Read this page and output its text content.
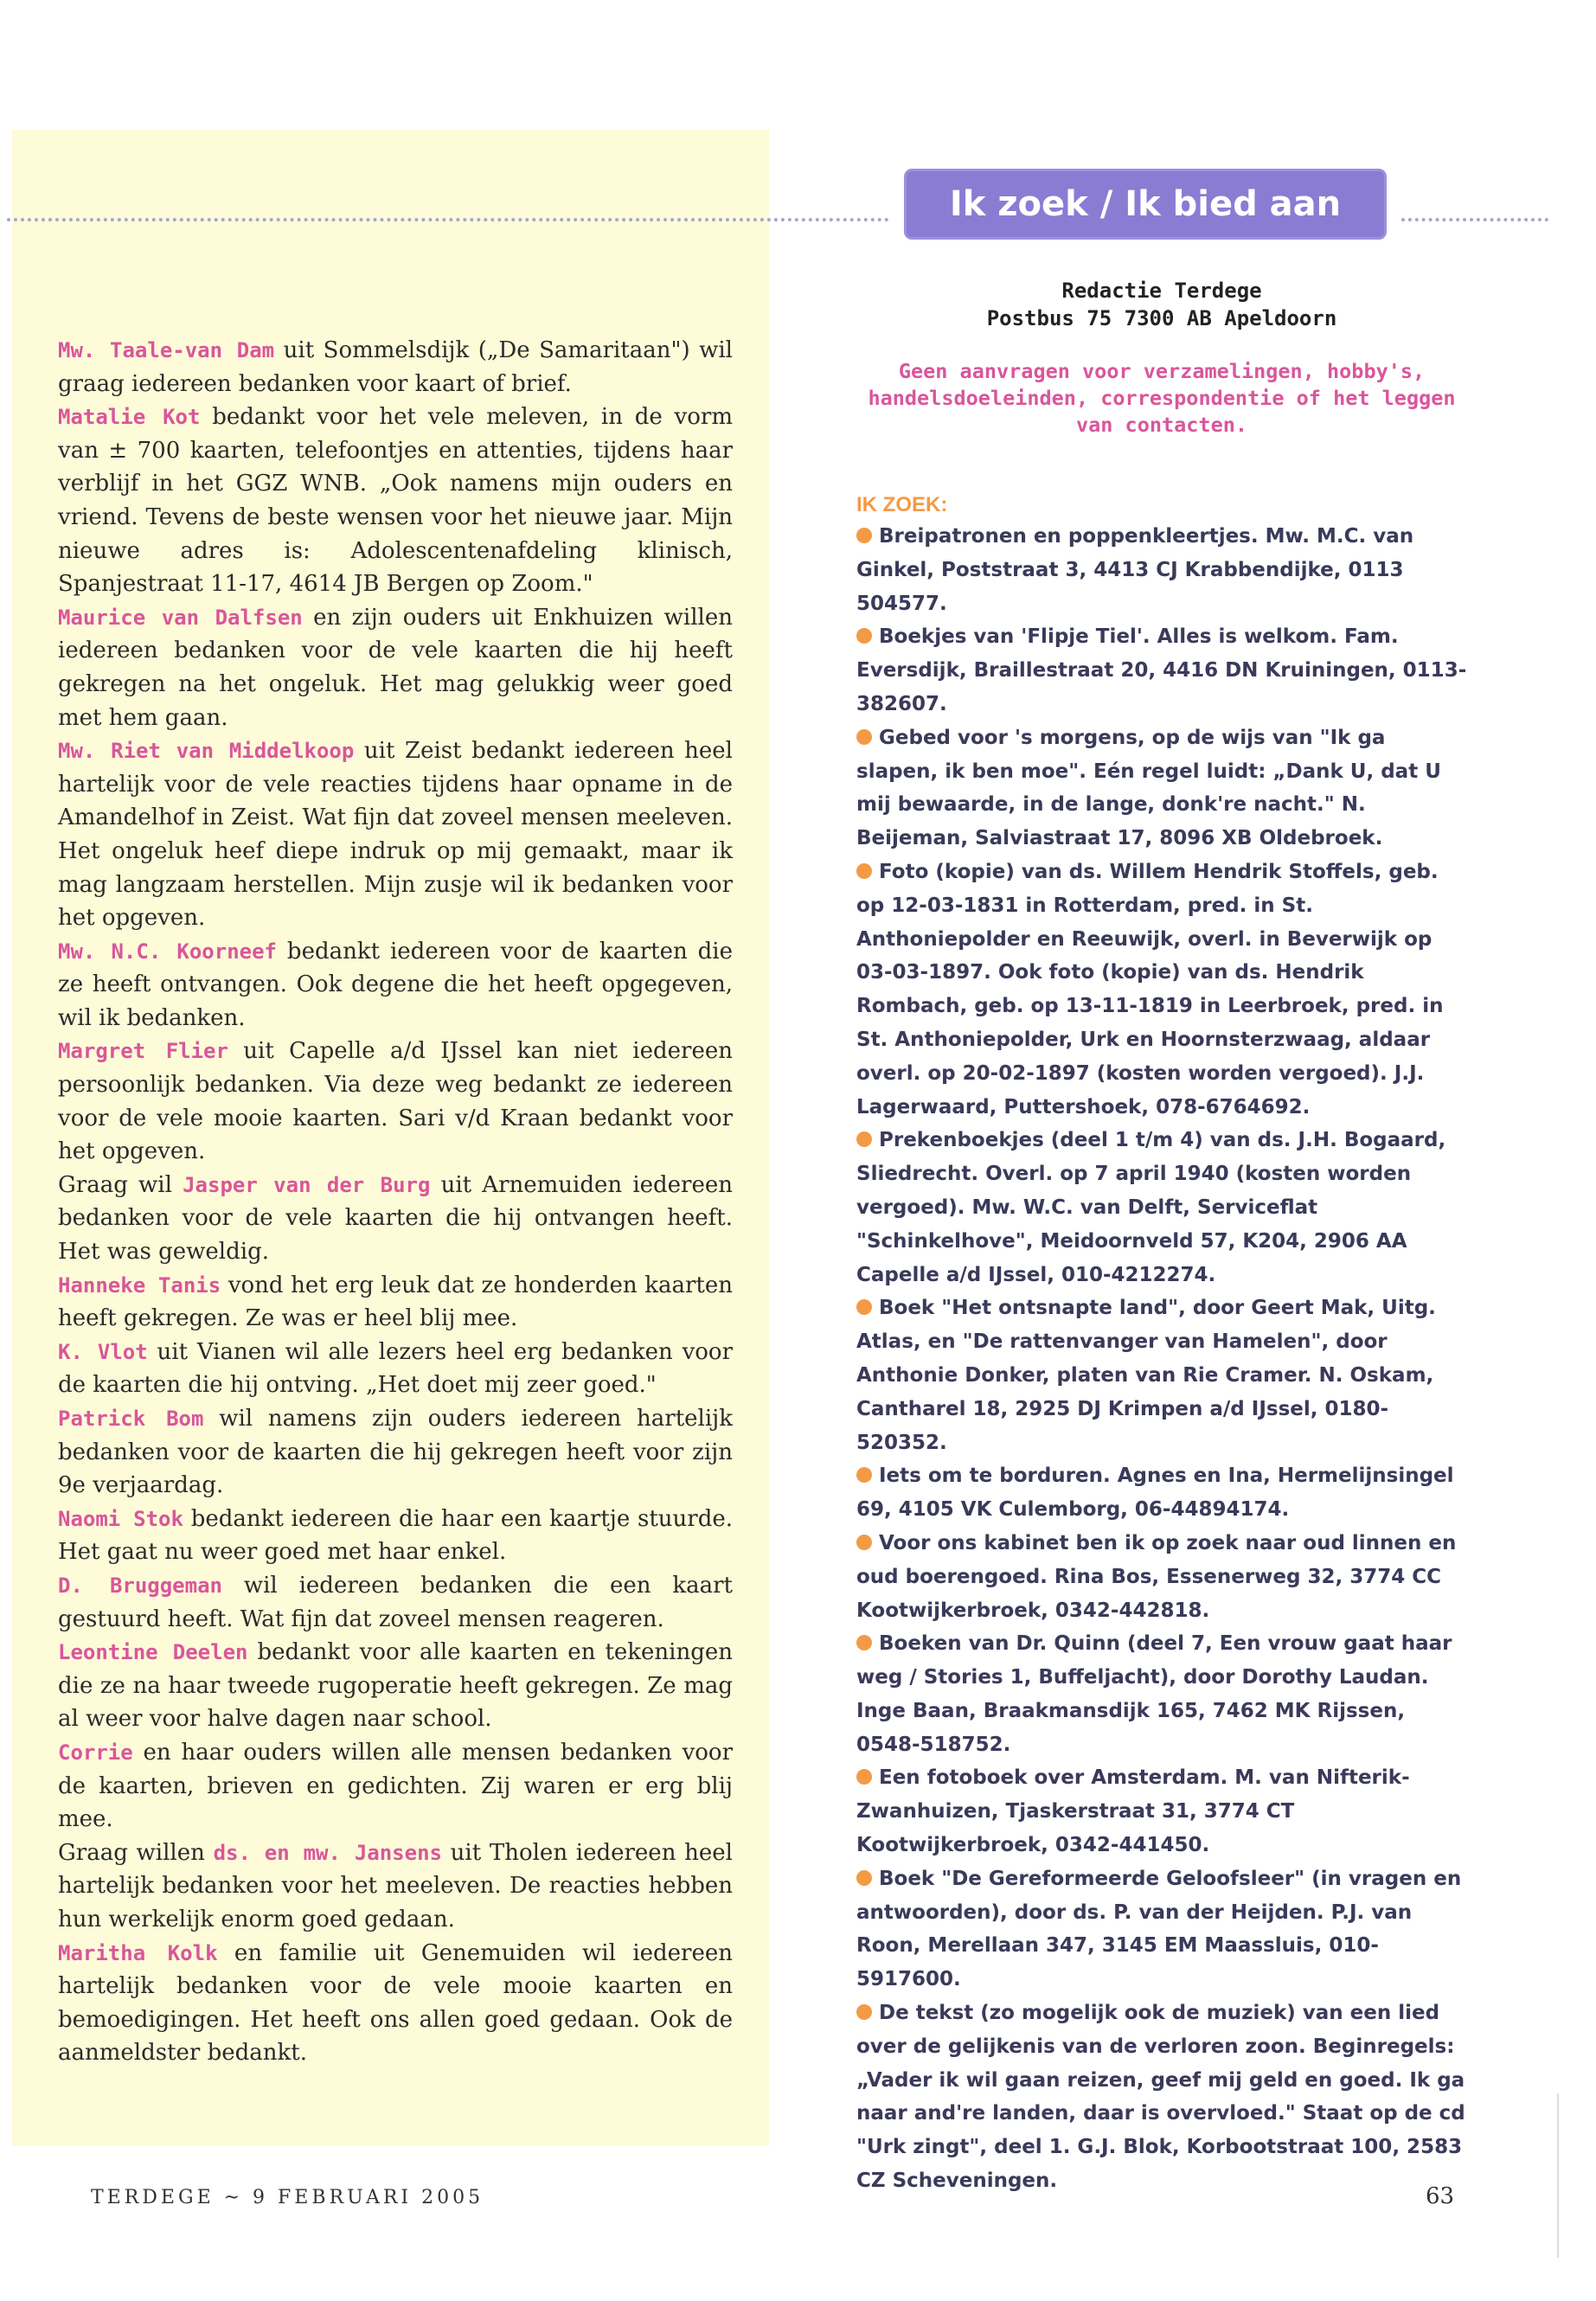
Ik zoek / Ik bied aan

Mw. Taale-van Dam uit Sommelsdijk („De Samaritaan") wil graag iedereen bedanken voor kaart of brief.

Matalie Kot bedankt voor het vele meleven, in de vorm van ± 700 kaarten, telefoontjes en attenties, tijdens haar verblijf in het GGZ WNB. „Ook namens mijn ouders en vriend. Tevens de beste wensen voor het nieuwe jaar. Mijn nieuwe adres is: Adolescentenafdeling klinisch, Spanjestraat 11-17, 4614 JB Bergen op Zoom."

Maurice van Dalfsen en zijn ouders uit Enkhuizen willen iedereen bedanken voor de vele kaarten die hij heeft gekregen na het ongeluk. Het mag gelukkig weer goed met hem gaan.

Mw. Riet van Middelkoop uit Zeist bedankt iedereen heel hartelijk voor de vele reacties tijdens haar opname in de Amandelhof in Zeist. Wat fijn dat zoveel mensen meeleven. Het ongeluk heef diepe indruk op mij gemaakt, maar ik mag langzaam herstellen. Mijn zusje wil ik bedanken voor het opgeven.

Mw. N.C. Koorneef bedankt iedereen voor de kaarten die ze heeft ontvangen. Ook degene die het heeft opgegeven, wil ik bedanken.

Margret Flier uit Capelle a/d IJssel kan niet iedereen persoonlijk bedanken. Via deze weg bedankt ze iedereen voor de vele mooie kaarten. Sari v/d Kraan bedankt voor het opgeven.

Graag wil Jasper van der Burg uit Arnemuiden iedereen bedanken voor de vele kaarten die hij ontvangen heeft. Het was geweldig.

Hanneke Tanis vond het erg leuk dat ze honderden kaarten heeft gekregen. Ze was er heel blij mee.

K. Vlot uit Vianen wil alle lezers heel erg bedanken voor de kaarten die hij ontving. „Het doet mij zeer goed."

Patrick Bom wil namens zijn ouders iedereen hartelijk bedanken voor de kaarten die hij gekregen heeft voor zijn 9e verjaardag.

Naomi Stok bedankt iedereen die haar een kaartje stuurde. Het gaat nu weer goed met haar enkel.

D. Bruggeman wil iedereen bedanken die een kaart gestuurd heeft. Wat fijn dat zoveel mensen reageren.

Leontine Deelen bedankt voor alle kaarten en tekeningen die ze na haar tweede rugoperatie heeft gekregen. Ze mag al weer voor halve dagen naar school.

Corrie en haar ouders willen alle mensen bedanken voor de kaarten, brieven en gedichten. Zij waren er erg blij mee.

Graag willen ds. en mw. Jansens uit Tholen iedereen heel hartelijk bedanken voor het meeleven. De reacties hebben hun werkelijk enorm goed gedaan.

Maritha Kolk en familie uit Genemuiden wil iedereen hartelijk bedanken voor de vele mooie kaarten en bemoedigingen. Het heeft ons allen goed gedaan. Ook de aanmeldster bedankt.

Redactie Terdege
Postbus 75 7300 AB Apeldoorn
Geen aanvragen voor verzamelingen, hobby's, handelsdoeleinden, correspondentie of het leggen van contacten.
IK ZOEK:

Breipatronen en poppenkleertjes. Mw. M.C. van Ginkel, Poststraat 3, 4413 CJ Krabbendijke, 0113 504577.

Boekjes van 'Flipje Tiel'. Alles is welkom. Fam. Eversdijk, Braillestraat 20, 4416 DN Kruiningen, 0113-382607.

Gebed voor 's morgens, op de wijs van "Ik ga slapen, ik ben moe". Eén regel luidt: „Dank U, dat U mij bewaarde, in de lange, donk're nacht." N. Beijeman, Salviastraat 17, 8096 XB Oldebroek.

Foto (kopie) van ds. Willem Hendrik Stoffels, geb. op 12-03-1831 in Rotterdam, pred. in St. Anthoniepolder en Reeuwijk, overl. in Beverwijk op 03-03-1897. Ook foto (kopie) van ds. Hendrik Rombach, geb. op 13-11-1819 in Leerbroek, pred. in St. Anthoniepolder, Urk en Hoornsterzwaag, aldaar overl. op 20-02-1897 (kosten worden vergoed). J.J. Lagerwaard, Puttershoek, 078-6764692.

Prekenboekjes (deel 1 t/m 4) van ds. J.H. Bogaard, Sliedrecht. Overl. op 7 april 1940 (kosten worden vergoed). Mw. W.C. van Delft, Serviceflat "Schinkelhove", Meidoornveld 57, K204, 2906 AA Capelle a/d IJssel, 010-4212274.

Boek "Het ontsnapte land", door Geert Mak, Uitg. Atlas, en "De rattenvanger van Hamelen", door Anthonie Donker, platen van Rie Cramer. N. Oskam, Cantharel 18, 2925 DJ Krimpen a/d IJssel, 0180-520352.

Iets om te borduren. Agnes en Ina, Hermelijnsingel 69, 4105 VK Culemborg, 06-44894174.

Voor ons kabinet ben ik op zoek naar oud linnen en oud boerengoed. Rina Bos, Essenerweg 32, 3774 CC Kootwijkerbroek, 0342-442818.

Boeken van Dr. Quinn (deel 7, Een vrouw gaat haar weg / Stories 1, Buffeljacht), door Dorothy Laudan. Inge Baan, Braakmansdijk 165, 7462 MK Rijssen, 0548-518752.

Een fotoboek over Amsterdam. M. van Nifterik-Zwanhuizen, Tjaskerstraat 31, 3774 CT Kootwijkerbroek, 0342-441450.

Boek "De Gereformeerde Geloofsleer" (in vragen en antwoorden), door ds. P. van der Heijden. P.J. van Roon, Merellaan 347, 3145 EM Maassluis, 010-5917600.

De tekst (zo mogelijk ook de muziek) van een lied over de gelijkenis van de verloren zoon. Beginregels: „Vader ik wil gaan reizen, geef mij geld en goed. Ik ga naar and're landen, daar is overvloed." Staat op de cd "Urk zingt", deel 1. G.J. Blok, Korbootstraat 100, 2583 CZ Scheveningen.

TERDEGE ~ 9 FEBRUARI 2005	63
